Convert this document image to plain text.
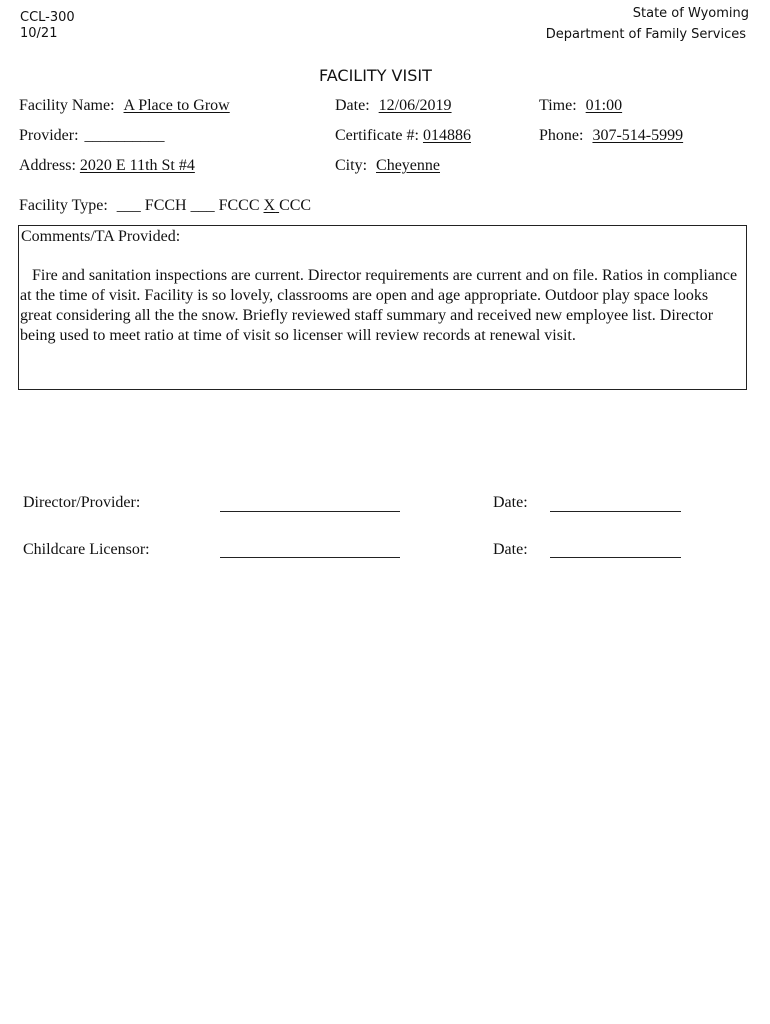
CCL-300
10/21
State of Wyoming
Department of Family Services
FACILITY VISIT
Facility Name: A Place to Grow	Date: 12/06/2019	Time: 01:00
Provider: __________	Certificate #: 014886	Phone: 307-514-5999
Address: 2020 E 11th St #4	City: Cheyenne
Facility Type: ___ FCCH ___ FCCC X CCC
Comments/TA Provided:
Fire and sanitation inspections are current. Director requirements are current and on file. Ratios in compliance at the time of visit. Facility is so lovely, classrooms are open and age appropriate. Outdoor play space looks great considering all the the snow. Briefly reviewed staff summary and received new employee list. Director being used to meet ratio at time of visit so licenser will review records at renewal visit.
Director/Provider:	Date:
Childcare Licensor:	Date:
